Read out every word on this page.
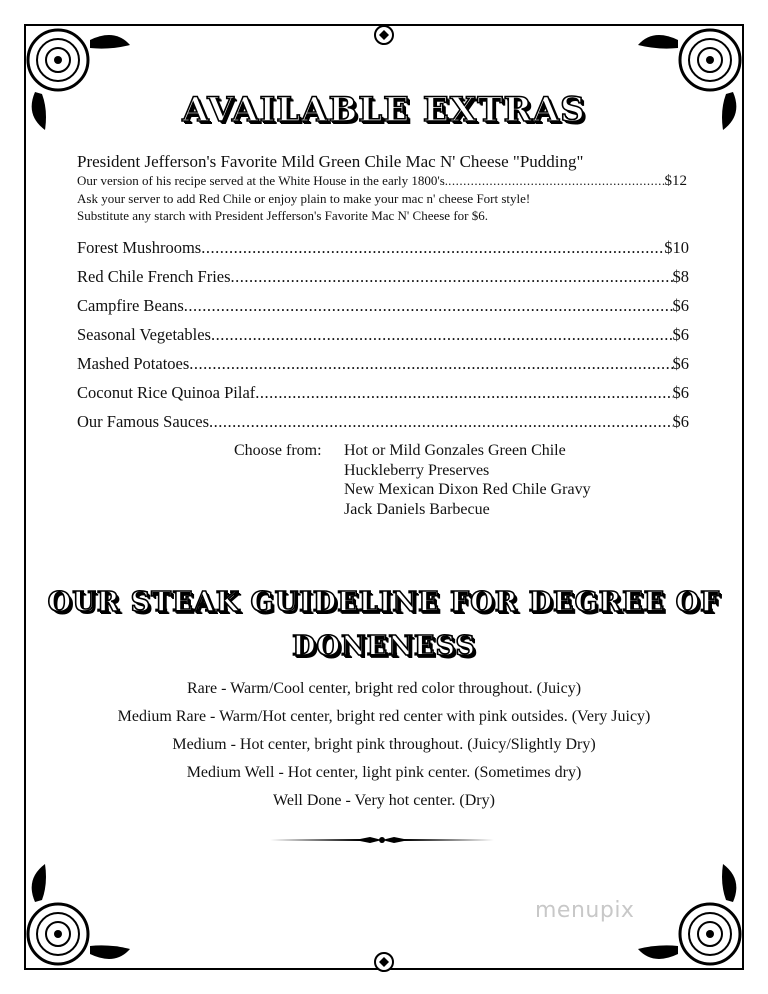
AVAILABLE EXTRAS
President Jefferson's Favorite Mild Green Chile Mac N' Cheese "Pudding"
Our version of his recipe served at the White House in the early 1800's. .....	$12
Ask your server to add Red Chile or enjoy plain to make your mac n' cheese Fort style!
Substitute any starch with President Jefferson's Favorite Mac N' Cheese for $6.
Forest Mushrooms .....	$10
Red Chile French Fries .....	$8
Campfire Beans .....	$6
Seasonal Vegetables .....	$6
Mashed Potatoes .....	$6
Coconut Rice Quinoa Pilaf .....	$6
Our Famous Sauces .....	$6
Choose from:	Hot or Mild Gonzales Green Chile
Huckleberry Preserves
New Mexican Dixon Red Chile Gravy
Jack Daniels Barbecue
OUR STEAK GUIDELINE FOR DEGREE OF
DONENESS
Rare - Warm/Cool center, bright red color throughout. (Juicy)
Medium Rare - Warm/Hot center, bright red center with pink outsides. (Very Juicy)
Medium - Hot center, bright pink throughout. (Juicy/Slightly Dry)
Medium Well - Hot center, light pink center. (Sometimes dry)
Well Done - Very hot center. (Dry)
menupix
